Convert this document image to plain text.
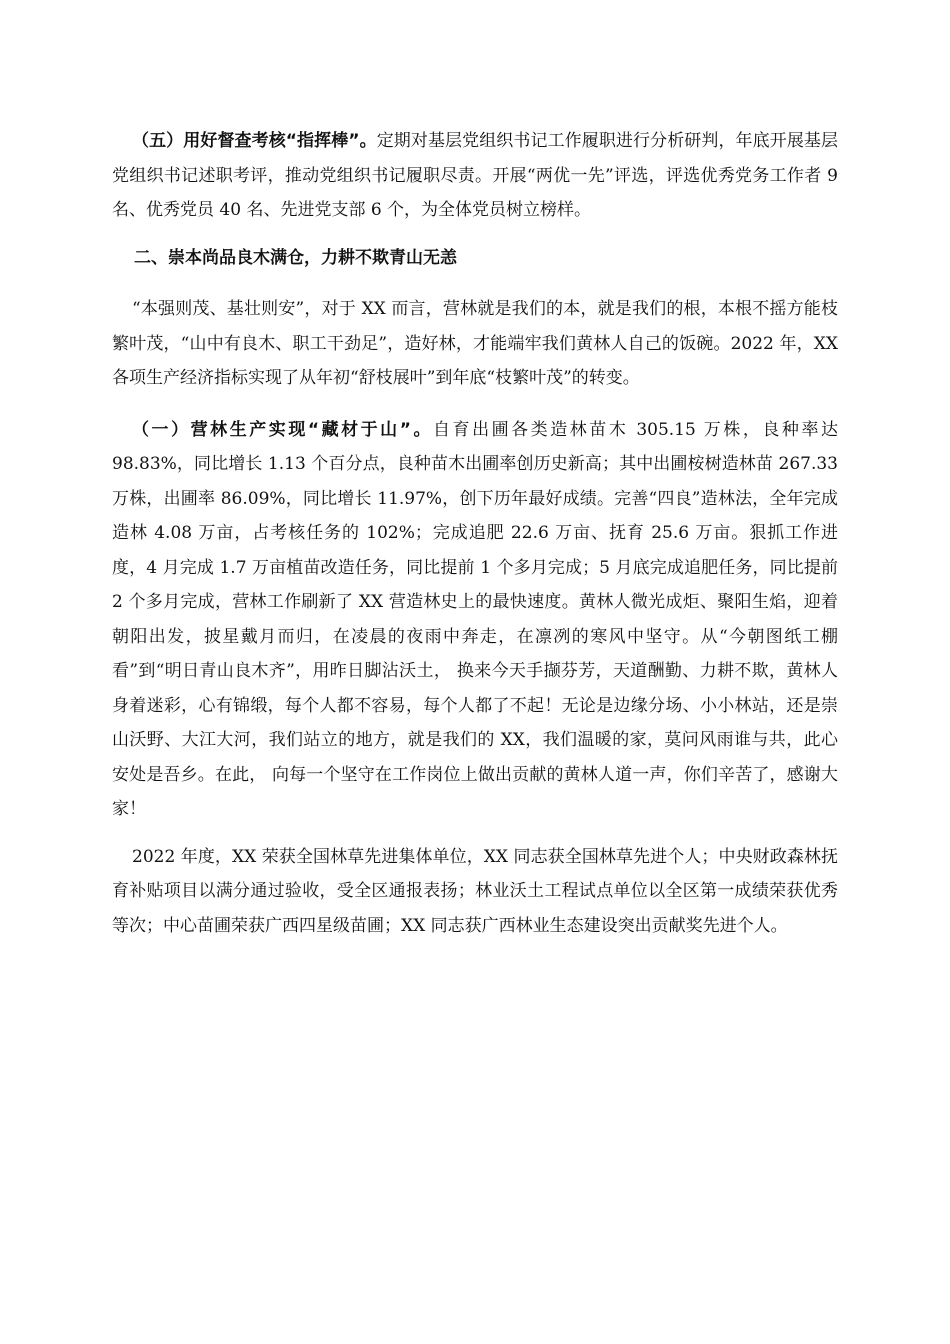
（五）用好督查考核“指挥棒”。定期对基层党组织书记工作履职进行分析研判，年底开展基层党组织书记述职考评，推动党组织书记履职尽责。开展“两优一先”评选，评选优秀党务工作者 9 名、优秀党员 40 名、先进党支部 6 个，为全体党员树立榜样。

二、崇本尚品良木满仓，力耕不欺青山无恙

“本强则茂、基壮则安”，对于 XX 而言，营林就是我们的本，就是我们的根，本根不摇方能枝繁叶茂，“山中有良木、职工干劲足”，造好林，才能端牢我们黄林人自己的饭碗。2022 年，XX 各项生产经济指标实现了从年初“舒枝展叶”到年底“枝繁叶茂”的转变。

（一）营林生产实现“藏材于山”。自育出圃各类造林苗木 305.15 万株，良种率达 98.83%，同比增长 1.13 个百分点，良种苗木出圃率创历史新高；其中出圃桉树造林苗 267.33 万株，出圃率 86.09%，同比增长 11.97%，创下历年最好成绩。完善“四良”造林法，全年完成造林 4.08 万亩，占考核任务的 102%；完成追肥 22.6 万亩、抚育 25.6 万亩。狠抓工作进度，4 月完成 1.7 万亩植苗改造任务，同比提前 1 个多月完成；5 月底完成追肥任务，同比提前 2 个多月完成，营林工作刷新了 XX 营造林史上的最快速度。黄林人微光成炬、聚阳生焰，迎着朝阳出发，披星戴月而归，在凌晨的夜雨中奔走，在凛冽的寒风中坚守。从“今朝图纸工棚看”到“明日青山良木齐”，用昨日脚沾沃土， 换来今天手撷芬芳，天道酬勤、力耕不欺，黄林人身着迷彩，心有锦缎，每个人都不容易，每个人都了不起！无论是边缘分场、小小林站，还是崇山沃野、大江大河，我们站立的地方，就是我们的 XX，我们温暖的家，莫问风雨谁与共，此心安处是吾乡。在此， 向每一个坚守在工作岗位上做出贡献的黄林人道一声，你们辛苦了，感谢大家！

2022 年度，XX 荣获全国林草先进集体单位，XX 同志获全国林草先进个人；中央财政森林抚育补贴项目以满分通过验收，受全区通报表扬；林业沃土工程试点单位以全区第一成绩荣获优秀等次；中心苗圃荣获广西四星级苗圃；XX 同志获广西林业生态建设突出贡献奖先进个人。
